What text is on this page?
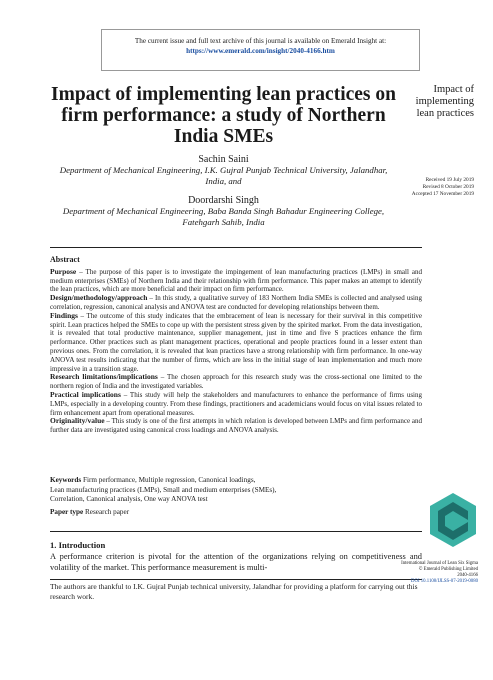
The current issue and full text archive of this journal is available on Emerald Insight at:
https://www.emerald.com/insight/2040-4166.htm
Impact of implementing lean practices on firm performance: a study of Northern India SMEs
Impact of implementing lean practices
Sachin Saini
Department of Mechanical Engineering, I.K. Gujral Punjab Technical University, Jalandhar, India, and
Doordarshi Singh
Department of Mechanical Engineering, Baba Banda Singh Bahadur Engineering College, Fatehgarh Sahib, India
Received 19 July 2019
Revised 8 October 2019
Accepted 17 November 2019
Abstract

Purpose – The purpose of this paper is to investigate the impingement of lean manufacturing practices (LMPs) in small and medium enterprises (SMEs) of Northern India and their relationship with firm performance. This paper makes an attempt to identify the lean practices, which are more beneficial and their impact on firm performance.

Design/methodology/approach – In this study, a qualitative survey of 183 Northern India SMEs is collected and analysed using correlation, regression, canonical analysis and ANOVA test are conducted for developing relationships between them.

Findings – The outcome of this study indicates that the embracement of lean is necessary for their survival in this competitive spirit. Lean practices helped the SMEs to cope up with the persistent stress given by the spirited market. From the data investigation, it is revealed that total productive maintenance, supplier management, just in time and five S practices enhance the firm performance. Other practices such as plant management practices, operational and people practices found in a lesser extent than previous ones. From the correlation, it is revealed that lean practices have a strong relationship with firm performance. In one-way ANOVA test results indicating that the number of firms, which are less in the initial stage of lean implementation and much more impressive in a transition stage.

Research limitations/implications – The chosen approach for this research study was the cross-sectional one limited to the northern region of India and the investigated variables.

Practical implications – This study will help the stakeholders and manufacturers to enhance the performance of firms using LMPs, especially in a developing country. From these findings, practitioners and academicians would focus on vital issues related to firm enhancement apart from operational measures.

Originality/value – This study is one of the first attempts in which relation is developed between LMPs and firm performance and further data are investigated using canonical cross loadings and ANOVA analysis.

Keywords Firm performance, Multiple regression, Canonical loadings,
Lean manufacturing practices (LMPs), Small and medium enterprises (SMEs),
Correlation, Canonical analysis, One way ANOVA test
Paper type Research paper
1. Introduction
A performance criterion is pivotal for the attention of the organizations relying on competitiveness and volatility of the market. This performance measurement is multi-
The authors are thankful to I.K. Gujral Punjab technical university, Jalandhar for providing a platform for carrying out this research work.
International Journal of Lean Six Sigma
© Emerald Publishing Limited
2040-4166
DOI 10.1108/IJLSS-07-2019-0080
